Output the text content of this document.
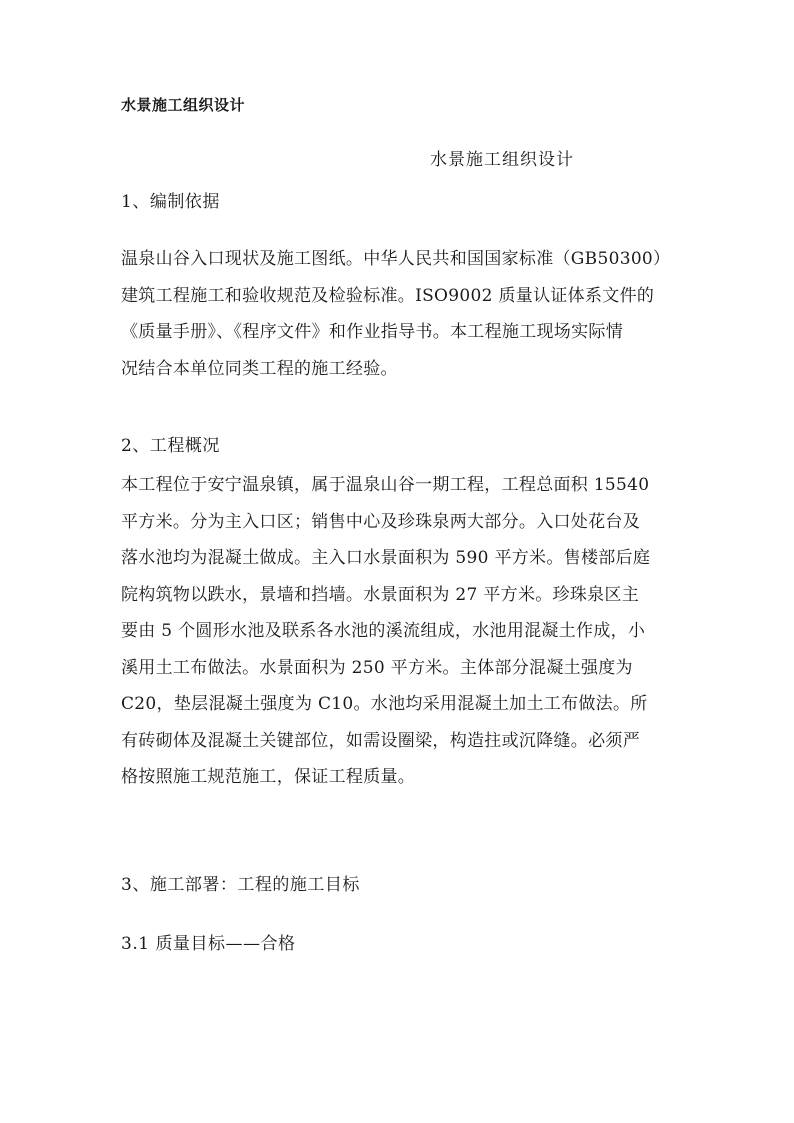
水景施工组织设计
水景施工组织设计
1、编制依据
温泉山谷入口现状及施工图纸。中华人民共和国国家标准（GB50300）
建筑工程施工和验收规范及检验标准。ISO9002 质量认证体系文件的
《质量手册》、《程序文件》和作业指导书。本工程施工现场实际情
况结合本单位同类工程的施工经验。
2、工程概况
本工程位于安宁温泉镇，属于温泉山谷一期工程，工程总面积 15540
平方米。分为主入口区；销售中心及珍珠泉两大部分。入口处花台及
落水池均为混凝土做成。主入口水景面积为 590 平方米。售楼部后庭
院构筑物以跌水，景墙和挡墙。水景面积为 27 平方米。珍珠泉区主
要由 5 个圆形水池及联系各水池的溪流组成，水池用混凝土作成，小
溪用土工布做法。水景面积为 250 平方米。主体部分混凝土强度为
C20，垫层混凝土强度为 C10。水池均采用混凝土加土工布做法。所
有砖砌体及混凝土关键部位，如需设圈梁，构造拄或沉降缝。必须严
格按照施工规范施工，保证工程质量。
3、施工部署：工程的施工目标
3.1 质量目标——合格
